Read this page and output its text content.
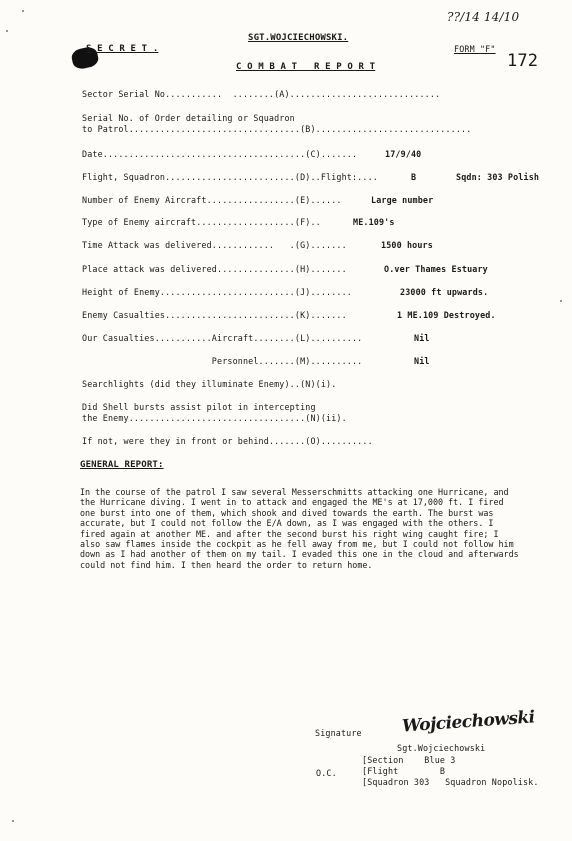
??/14 14/10
SGT.WOJCIECHOWSKI.
S E C R E T .	FORM "F"
172
C O M B A T   R E P O R T
Sector Serial No...........  ........(A).............................
Serial No. of Order detailing or Squadron
to Patrol.................................(B)..............................
Date.......................................(C).......	17/9/40
Flight, Squadron.........................(D)..Flight:....	B	Sqdn: 303 Polish
Number of Enemy Aircraft.................(E)......	Large number
Type of Enemy aircraft...................(F)..	ME.109's
Time Attack was delivered............   .(G).......	1500 hours
Place attack was delivered...............(H).......	O.ver Thames Estuary
Height of Enemy..........................(J)........	23000 ft upwards.
Enemy Casualties.........................(K).......	1 ME.109 Destroyed.
Our Casualties...........Aircraft........(L)..........	Nil
Personnel.......(M)..........	Nil
Searchlights (did they illuminate Enemy)..(N)(i).
Did Shell bursts assist pilot in intercepting
the Enemy..................................(N)(ii).
If not, were they in front or behind.......(O)..........
GENERAL REPORT:
In the course of the patrol I saw several Messerschmitts attacking one Hurricane, and the Hurricane diving. I went in to attack and engaged the ME's at 17,000 ft. I fired one burst into one of them, which shook and dived towards the earth. The burst was accurate, but I could not follow the E/A down, as I was engaged with the others. I fired again at another ME. and after the second burst his right wing caught fire; I also saw flames inside the cockpit as he fell away from me, but I could not follow him down as I had another of them on my tail. I evaded this one in the cloud and afterwards could not find him. I then heard the order to return home.
Signature Wojciechowski
Sgt.Wojciechowski
[Section    Blue 3
O.C.	[Flight        B
[Squadron 303   Squadron Nopolisk.
